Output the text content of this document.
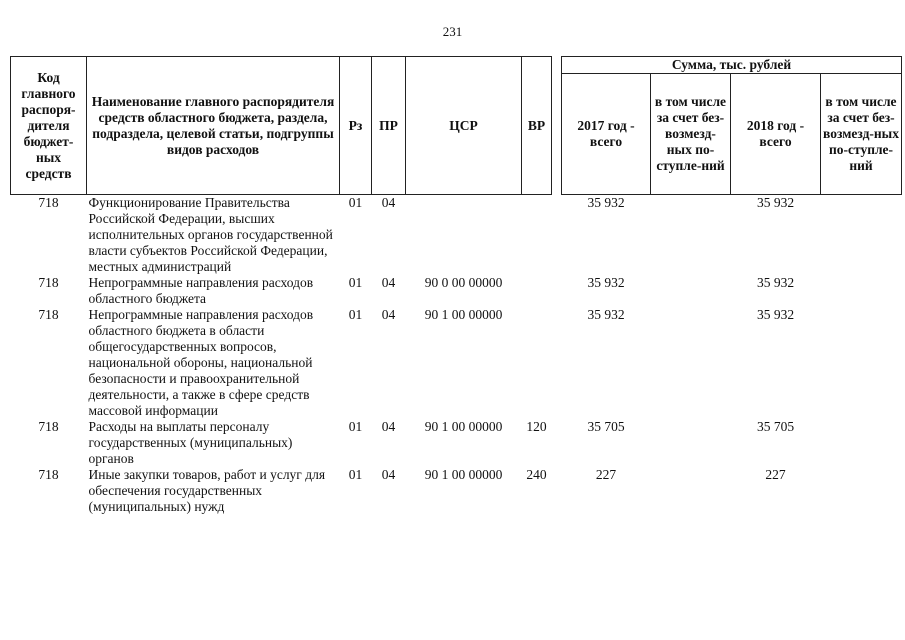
231
Код главного распоря-дителя бюджет-ных средств	Наименование главного распорядителя средств областного бюджета, раздела, подраздела, целевой статьи, подгруппы видов расходов	Рз	ПР	ЦСР	ВР		Сумма, тыс. рублей			
							2017 год - всего	в том числе за счет без-возмезд-ных по-ступле-ний	2018 год - всего	в том числе за счет без-возмезд-ных по-ступле-ний
718	Функционирование Правительства Российской Федерации, высших исполнительных органов государственной власти субъектов Российской Федерации, местных администраций	01	04				35 932		35 932	
718	Непрограммные направления расходов областного бюджета	01	04	90 0 00 00000			35 932		35 932	
718	Непрограммные направления расходов областного бюджета в области общегосударственных вопросов, национальной обороны, национальной безопасности и правоохранительной деятельности, а также в сфере средств массовой информации	01	04	90 1 00 00000			35 932		35 932	
718	Расходы на выплаты персоналу государственных (муниципальных) органов	01	04	90 1 00 00000	120		35 705		35 705	
718	Иные закупки товаров, работ и услуг для обеспечения государственных (муниципальных) нужд	01	04	90 1 00 00000	240		227		227	
